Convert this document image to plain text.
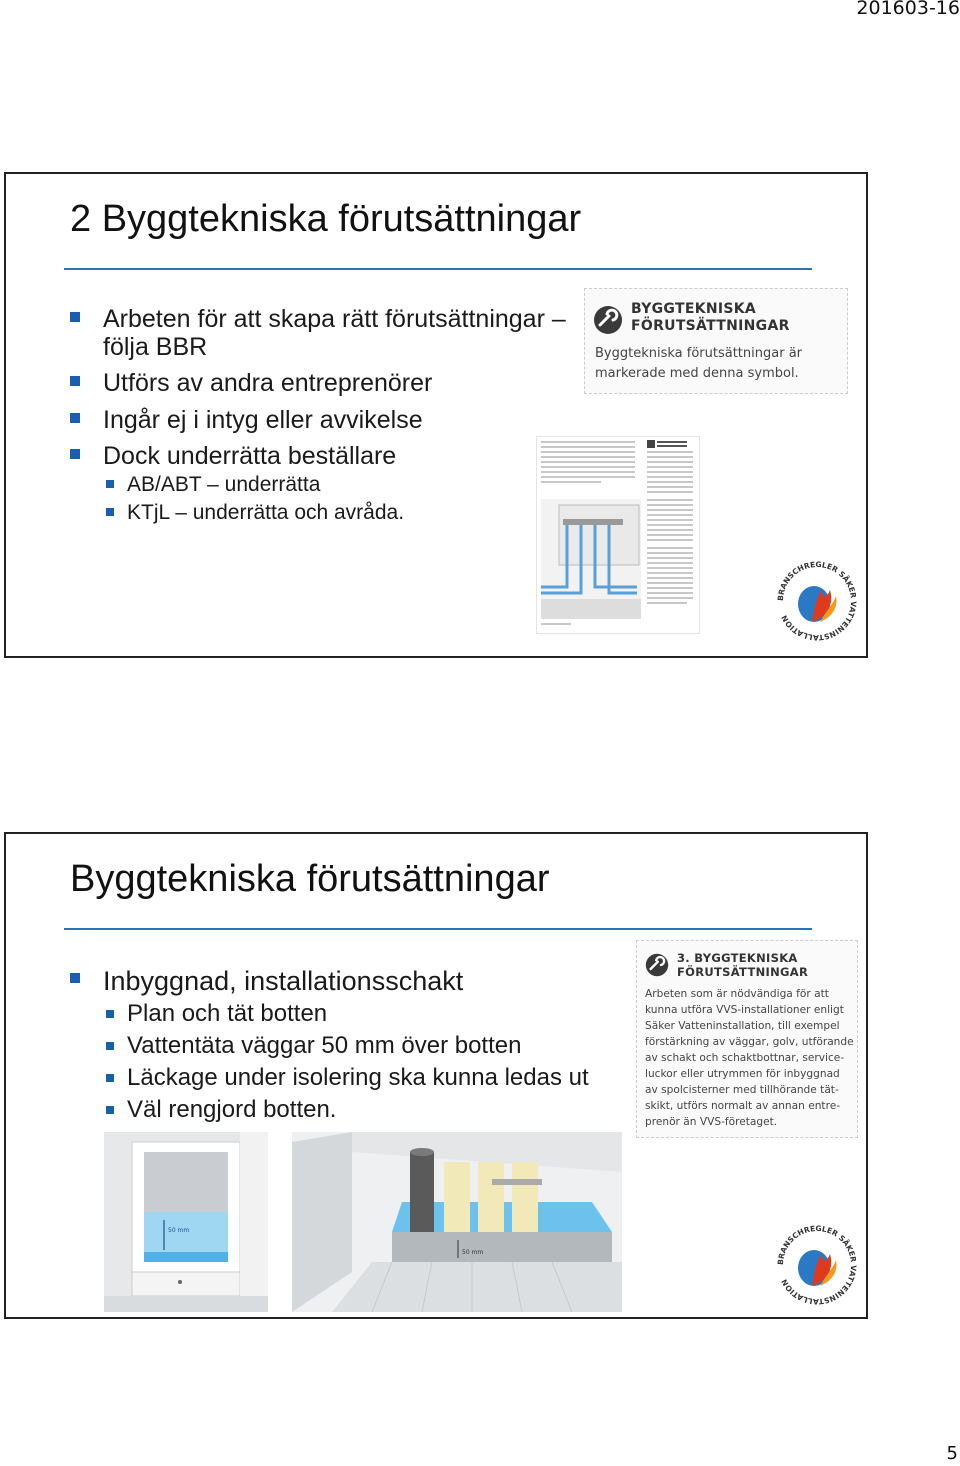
201603-16
2 Byggtekniska förutsättningar
Arbeten för att skapa rätt förutsättningar –
följa BBR
Utförs av andra entreprenörer
Ingår ej i intyg eller avvikelse
Dock underrätta beställare
AB/ABT – underrätta
KTjL – underrätta och avråda.
BYGGTEKNISKA
FÖRUTSÄTTNINGAR
Byggtekniska förutsättningar är
markerade med denna symbol.
BRANSCHREGLER SÄKER VATTENINSTALLATION
Byggtekniska förutsättningar
Inbyggnad, installationsschakt
Plan och tät botten
Vattentäta väggar 50 mm över botten
Läckage under isolering ska kunna ledas ut
Väl rengjord botten.
3. BYGGTEKNISKA
FÖRUTSÄTTNINGAR
Arbeten som är nödvändiga för att
kunna utföra VVS-installationer enligt
Säker Vatteninstallation, till exempel
förstärkning av väggar, golv, utförande
av schakt och schaktbottnar, service-
luckor eller utrymmen för inbyggnad
av spolcisterner med tillhörande tät-
skikt, utförs normalt av annan entre-
prenör än VVS-företaget.
50 mm
50 mm
BRANSCHREGLER SÄKER VATTENINSTALLATION
5
